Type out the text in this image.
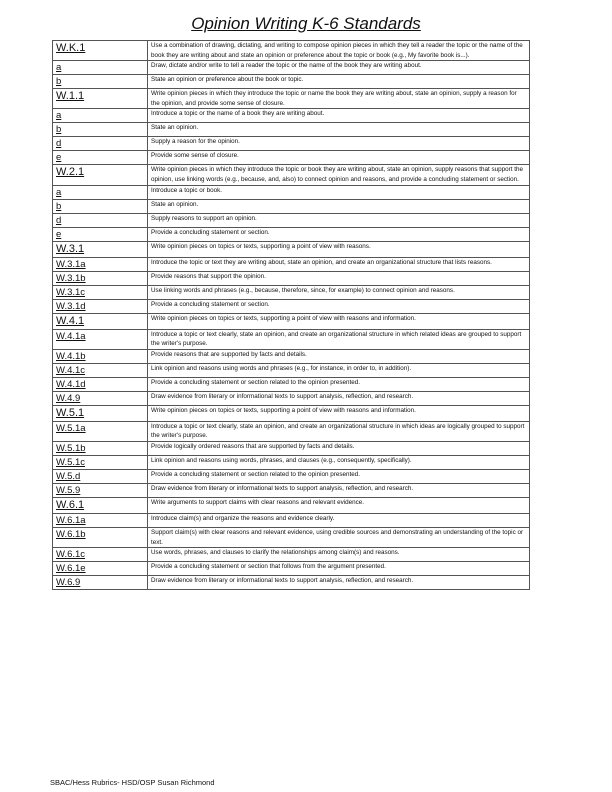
Opinion Writing K-6 Standards
W.K.1	Use a combination of drawing, dictating, and writing to compose opinion pieces in which they tell a reader the topic or the name of the book they are writing about and state an opinion or preference about the topic or book (e.g., My favorite book is...).
a	Draw, dictate and/or write to tell a reader the topic or the name of the book they are writing about.
b	State an opinion or preference about the book or topic.
W.1.1	Write opinion pieces in which they introduce the topic or name the book they are writing about, state an opinion, supply a reason for the opinion, and provide some sense of closure.
a	Introduce a topic or the name of a book they are writing about.
b	State an opinion.
d	Supply a reason for the opinion.
e	Provide some sense of closure.
W.2.1	Write opinion pieces in which they introduce the topic or book they are writing about, state an opinion, supply reasons that support the opinion, use linking words (e.g., because, and, also) to connect opinion and reasons, and provide a concluding statement or section.
a	Introduce a topic or book.
b	State an opinion.
d	Supply reasons to support an opinion.
e	Provide a concluding statement or section.
W.3.1	Write opinion pieces on topics or texts, supporting a point of view with reasons.
W.3.1a	Introduce the topic or text they are writing about, state an opinion, and create an organizational structure that lists reasons.
W.3.1b	Provide reasons that support the opinion.
W.3.1c	Use linking words and phrases (e.g., because, therefore, since, for example) to connect opinion and reasons.
W.3.1d	Provide a concluding statement or section.
W.4.1	Write opinion pieces on topics or texts, supporting a point of view with reasons and information.
W.4.1a	Introduce a topic or text clearly, state an opinion, and create an organizational structure in which related ideas are grouped to support the writer's purpose.
W.4.1b	Provide reasons that are supported by facts and details.
W.4.1c	Link opinion and reasons using words and phrases (e.g., for instance, in order to, in addition).
W.4.1d	Provide a concluding statement or section related to the opinion presented.
W.4.9	Draw evidence from literary or informational texts to support analysis, reflection, and research.
W.5.1	Write opinion pieces on topics or texts, supporting a point of view with reasons and information.
W.5.1a	Introduce a topic or text clearly, state an opinion, and create an organizational structure in which ideas are logically grouped to support the writer's purpose.
W.5.1b	Provide logically ordered reasons that are supported by facts and details.
W.5.1c	Link opinion and reasons using words, phrases, and clauses (e.g., consequently, specifically).
W.5.d	Provide a concluding statement or section related to the opinion presented.
W.5.9	Draw evidence from literary or informational texts to support analysis, reflection, and research.
W.6.1	Write arguments to support claims with clear reasons and relevant evidence.
W.6.1a	Introduce claim(s) and organize the reasons and evidence clearly.
W.6.1b	Support claim(s) with clear reasons and relevant evidence, using credible sources and demonstrating an understanding of the topic or text.
W.6.1c	Use words, phrases, and clauses to clarify the relationships among claim(s) and reasons.
W.6.1e	Provide a concluding statement or section that follows from the argument presented.
W.6.9	Draw evidence from literary or informational texts to support analysis, reflection, and research.
SBAC/Hess Rubrics- HSD/OSP Susan Richmond
